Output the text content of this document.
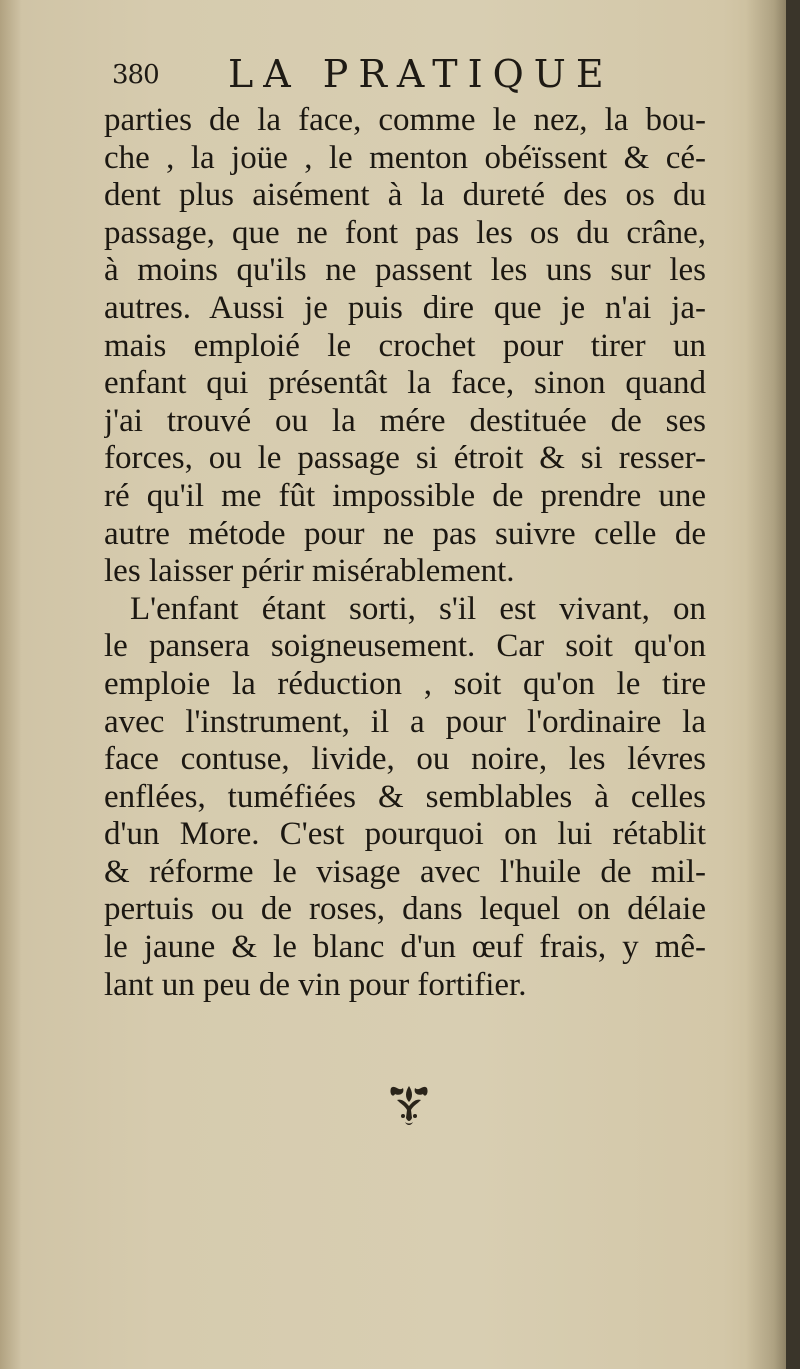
380 LA PRATIQUE
parties de la face, comme le nez, la bou-
che , la joüe , le menton obéïssent & cé-
dent plus aisément à la dureté des os du
passage, que ne font pas les os du crâne,
à moins qu'ils ne passent les uns sur les
autres. Aussi je puis dire que je n'ai ja-
mais emploié le crochet pour tirer un
enfant qui présentât la face, sinon quand
j'ai trouvé ou la mére destituée de ses
forces, ou le passage si étroit & si resser-
ré qu'il me fût impossible de prendre une
autre métode pour ne pas suivre celle de
les laisser périr misérablement.
L'enfant étant sorti, s'il est vivant, on
le pansera soigneusement. Car soit qu'on
emploie la réduction , soit qu'on le tire
avec l'instrument, il a pour l'ordinaire la
face contuse, livide, ou noire, les lévres
enflées, tuméfiées & semblables à celles
d'un More. C'est pourquoi on lui rétablit
& réforme le visage avec l'huile de mil-
pertuis ou de roses, dans lequel on délaie
le jaune & le blanc d'un œuf frais, y mê-
lant un peu de vin pour fortifier.
